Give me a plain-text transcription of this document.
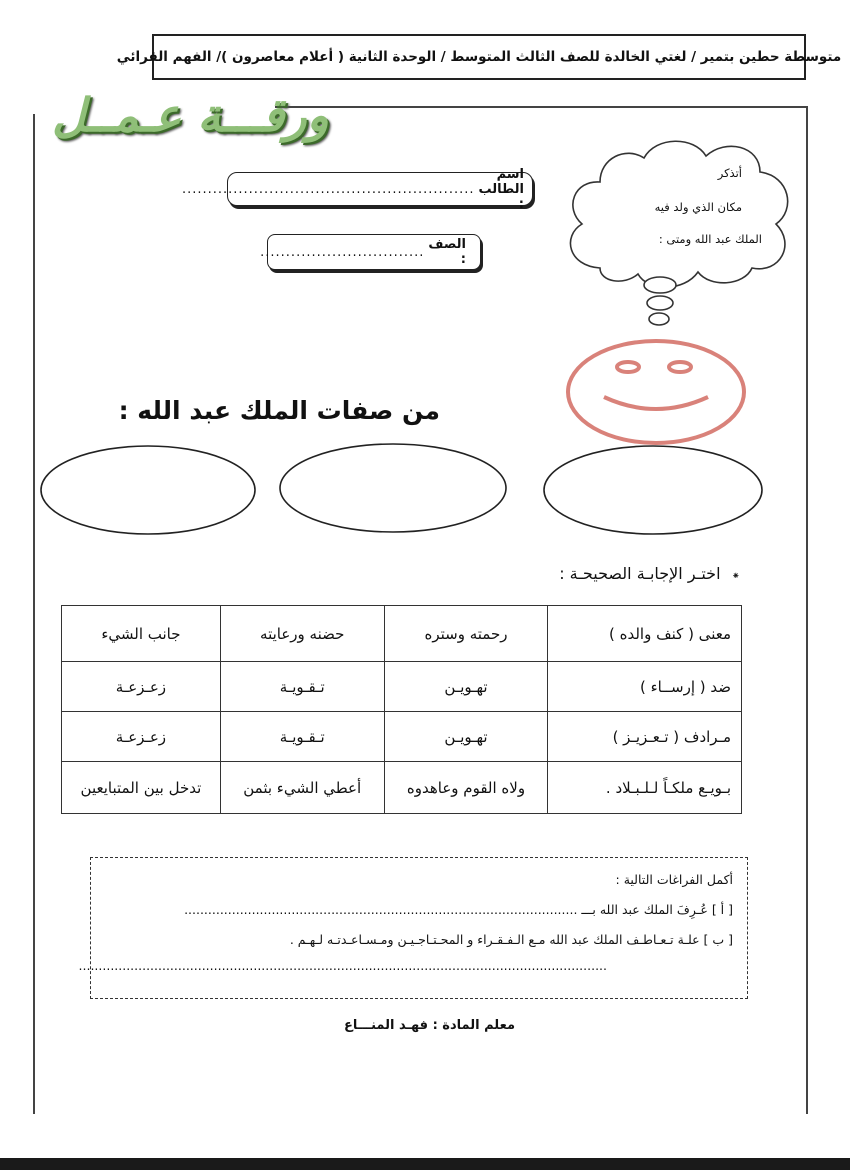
متوسطة حطين بتمير / لغتي الخالدة للصف الثالث المتوسط / الوحدة الثانية ( أعلام معاصرون )/ الفهم القرائي
ورقـــة عـمــل
اسم الطالب :
.........................................................
الصف :
................................
أتذكر
مكان الذي ولد فيه
الملك عبد الله ومتى :
من صفات الملك عبد الله :
⁕ اختـر الإجابـة الصحيحـة :
معنى ( كنف والده )	رحمته وستره	حضنه ورعايته	جانب الشيء
ضد ( إرســاء )	تهـويـن	تـقـويـة	زعـزعـة
مـرادف ( تـعـزيـز )	تهـويـن	تـقـويـة	زعـزعـة
بـويـع ملكـاً لـلـبـلاد .	ولاه القوم وعاهدوه	أعطي الشيء بثمن	تدخل بين المتبايعين
أكمل الفراغات التالية :
[ أ ] عُـرِفَ الملك عبد الله بـــ ...................................................................................................
[ ب ] علـة تـعـاطـف الملك عبد الله مـع الـفـقـراء و المحـتـاجـيـن ومـسـاعـدتـه لـهـم .
.....................................................................................................................................
معلم المادة : فهـد المنـــاع
